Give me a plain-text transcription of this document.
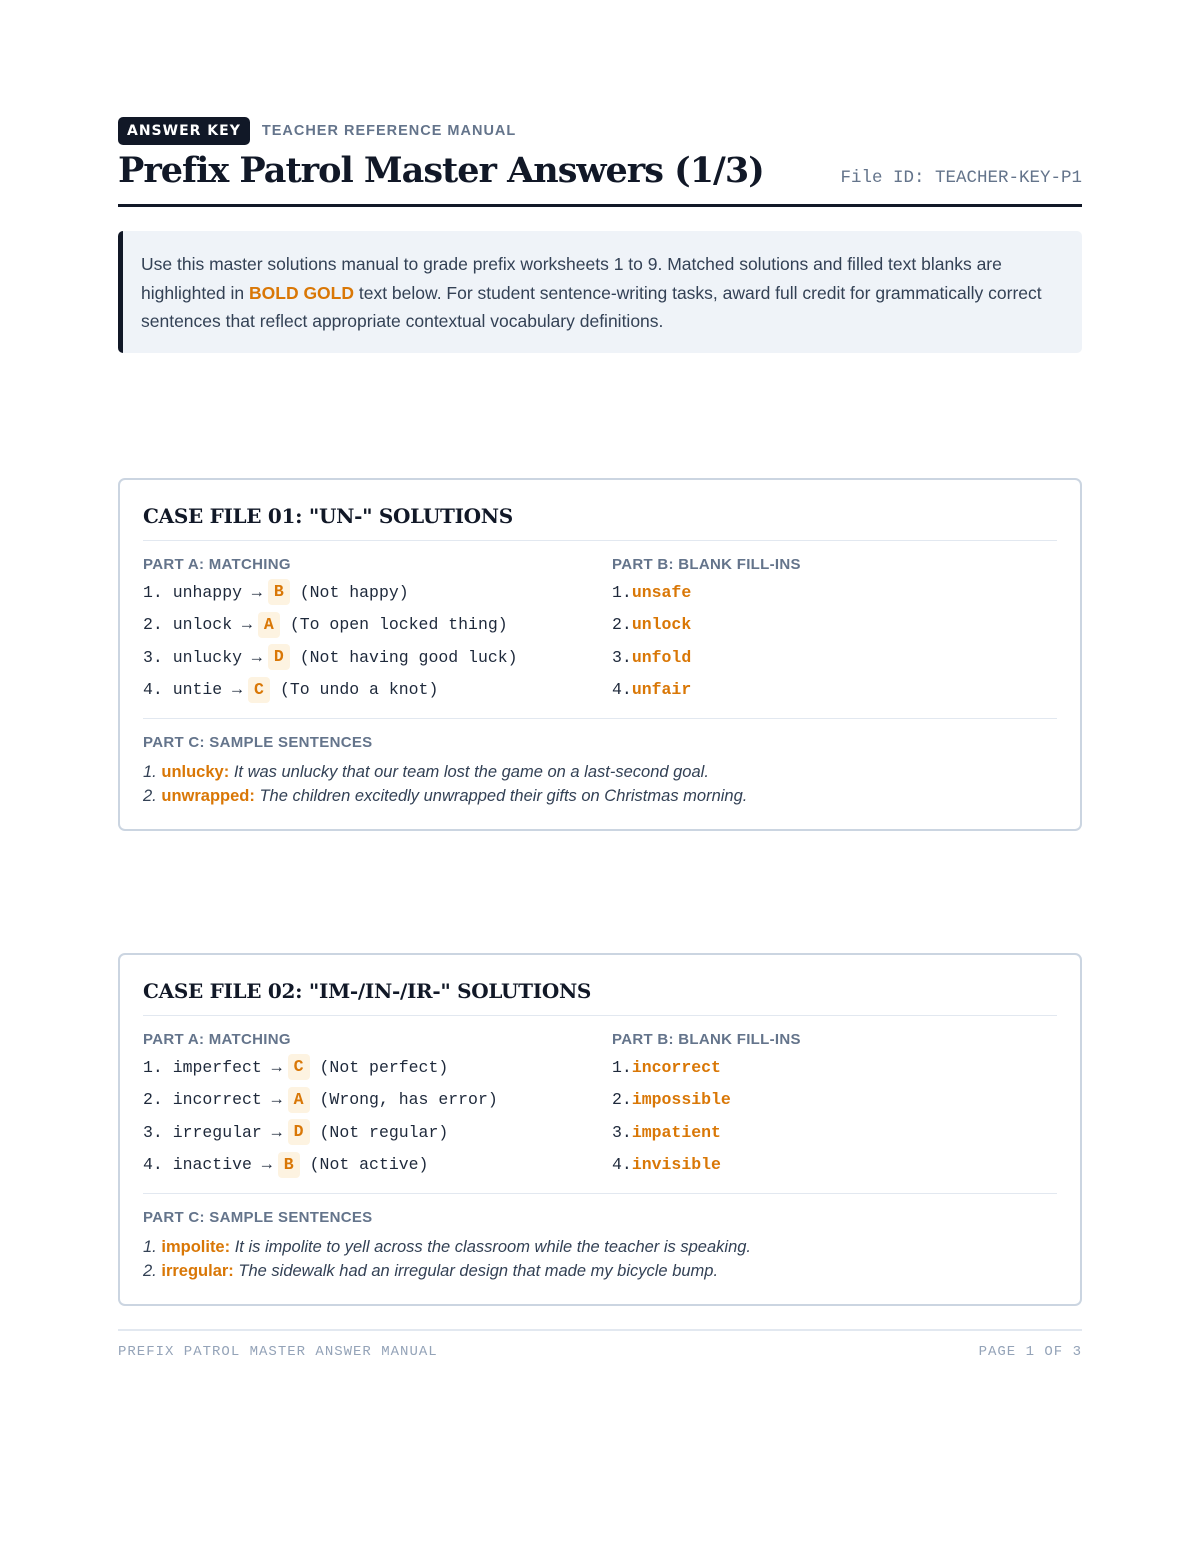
ANSWER KEY	TEACHER REFERENCE MANUAL
Prefix Patrol Master Answers (1/3)	File ID: TEACHER-KEY-P1
Use this master solutions manual to grade prefix worksheets 1 to 9. Matched solutions and filled text blanks are highlighted in BOLD GOLD text below. For student sentence-writing tasks, award full credit for grammatically correct sentences that reflect appropriate contextual vocabulary definitions.
CASE FILE 01: "UN-" SOLUTIONS
PART A: MATCHING
1. unhappy → B (Not happy)
2. unlock → A (To open locked thing)
3. unlucky → D (Not having good luck)
4. untie → C (To undo a knot)
PART B: BLANK FILL-INS
1. unsafe
2. unlock
3. unfold
4. unfair
PART C: SAMPLE SENTENCES
1. unlucky: It was unlucky that our team lost the game on a last-second goal.
2. unwrapped: The children excitedly unwrapped their gifts on Christmas morning.
CASE FILE 02: "IM-/IN-/IR-" SOLUTIONS
PART A: MATCHING
1. imperfect → C (Not perfect)
2. incorrect → A (Wrong, has error)
3. irregular → D (Not regular)
4. inactive → B (Not active)
PART B: BLANK FILL-INS
1. incorrect
2. impossible
3. impatient
4. invisible
PART C: SAMPLE SENTENCES
1. impolite: It is impolite to yell across the classroom while the teacher is speaking.
2. irregular: The sidewalk had an irregular design that made my bicycle bump.
PREFIX PATROL MASTER ANSWER MANUAL	PAGE 1 OF 3
